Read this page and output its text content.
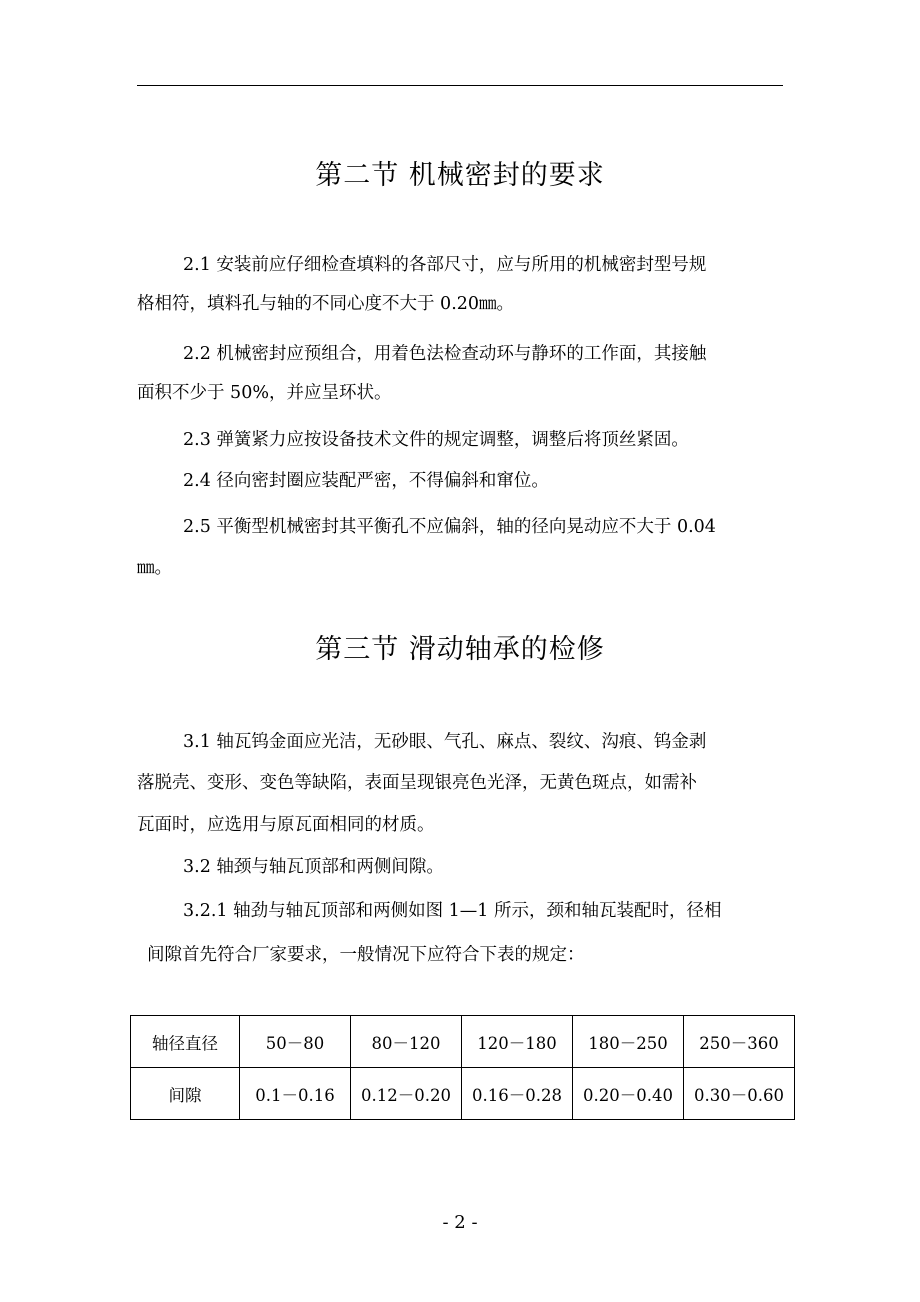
第二节 机械密封的要求
2.1 安装前应仔细检查填料的各部尺寸，应与所用的机械密封型号规
格相符，填料孔与轴的不同心度不大于 0.20㎜。
2.2 机械密封应预组合，用着色法检查动环与静环的工作面，其接触
面积不少于 50%，并应呈环状。
2.3 弹簧紧力应按设备技术文件的规定调整，调整后将顶丝紧固。
2.4 径向密封圈应装配严密，不得偏斜和窜位。
2.5 平衡型机械密封其平衡孔不应偏斜，轴的径向晃动应不大于 0.04
㎜。
第三节 滑动轴承的检修
3.1 轴瓦钨金面应光洁，无砂眼、气孔、麻点、裂纹、沟痕、钨金剥
落脱壳、变形、变色等缺陷，表面呈现银亮色光泽，无黄色斑点，如需补
瓦面时，应选用与原瓦面相同的材质。
3.2 轴颈与轴瓦顶部和两侧间隙。
3.2.1 轴劲与轴瓦顶部和两侧如图 1—1 所示，颈和轴瓦装配时，径相
间隙首先符合厂家要求，一般情况下应符合下表的规定：
轴径直径	50－80	80－120	120－180	180－250	250－360
间隙	0.1－0.16	0.12－0.20	0.16－0.28	0.20－0.40	0.30－0.60
- 2 -
